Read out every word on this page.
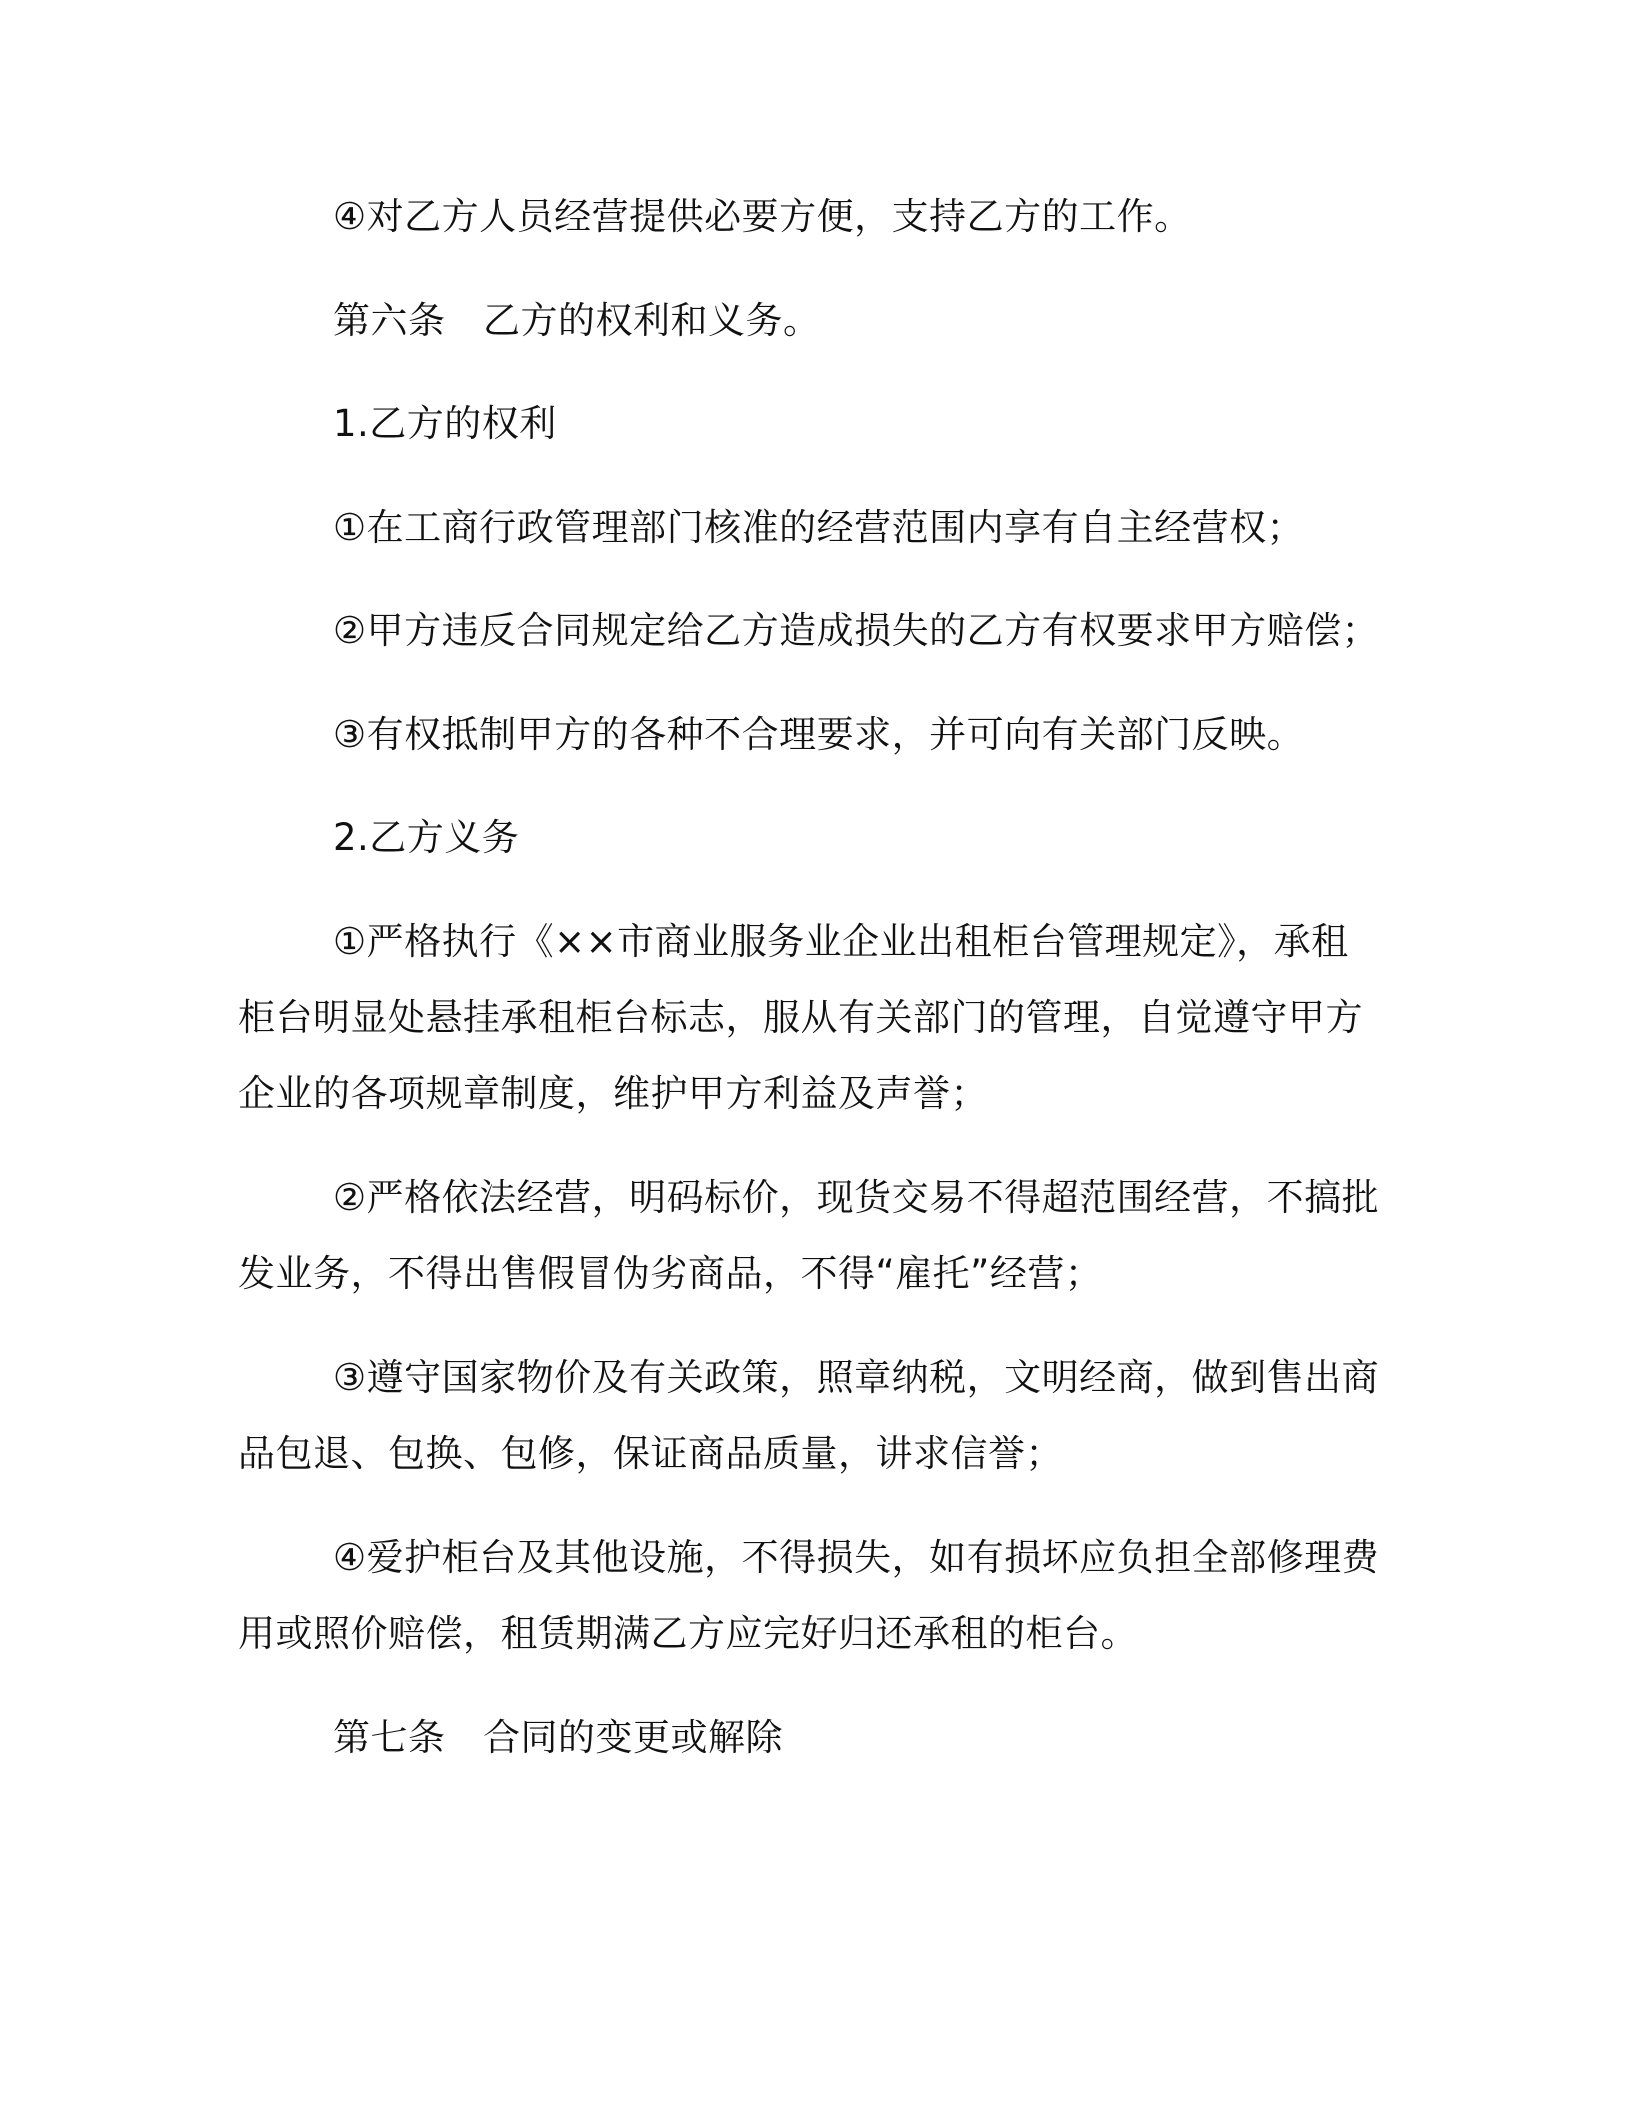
④对乙方人员经营提供必要方便，支持乙方的工作。
第六条　乙方的权利和义务。
1.乙方的权利
①在工商行政管理部门核准的经营范围内享有自主经营权；
②甲方违反合同规定给乙方造成损失的乙方有权要求甲方赔偿；
③有权抵制甲方的各种不合理要求，并可向有关部门反映。
2.乙方义务
①严格执行《××市商业服务业企业出租柜台管理规定》，承租
柜台明显处悬挂承租柜台标志，服从有关部门的管理，自觉遵守甲方
企业的各项规章制度，维护甲方利益及声誉；
②严格依法经营，明码标价，现货交易不得超范围经营，不搞批
发业务，不得出售假冒伪劣商品，不得“雇托”经营；
③遵守国家物价及有关政策，照章纳税，文明经商，做到售出商
品包退、包换、包修，保证商品质量，讲求信誉；
④爱护柜台及其他设施，不得损失，如有损坏应负担全部修理费
用或照价赔偿，租赁期满乙方应完好归还承租的柜台。
第七条　合同的变更或解除
